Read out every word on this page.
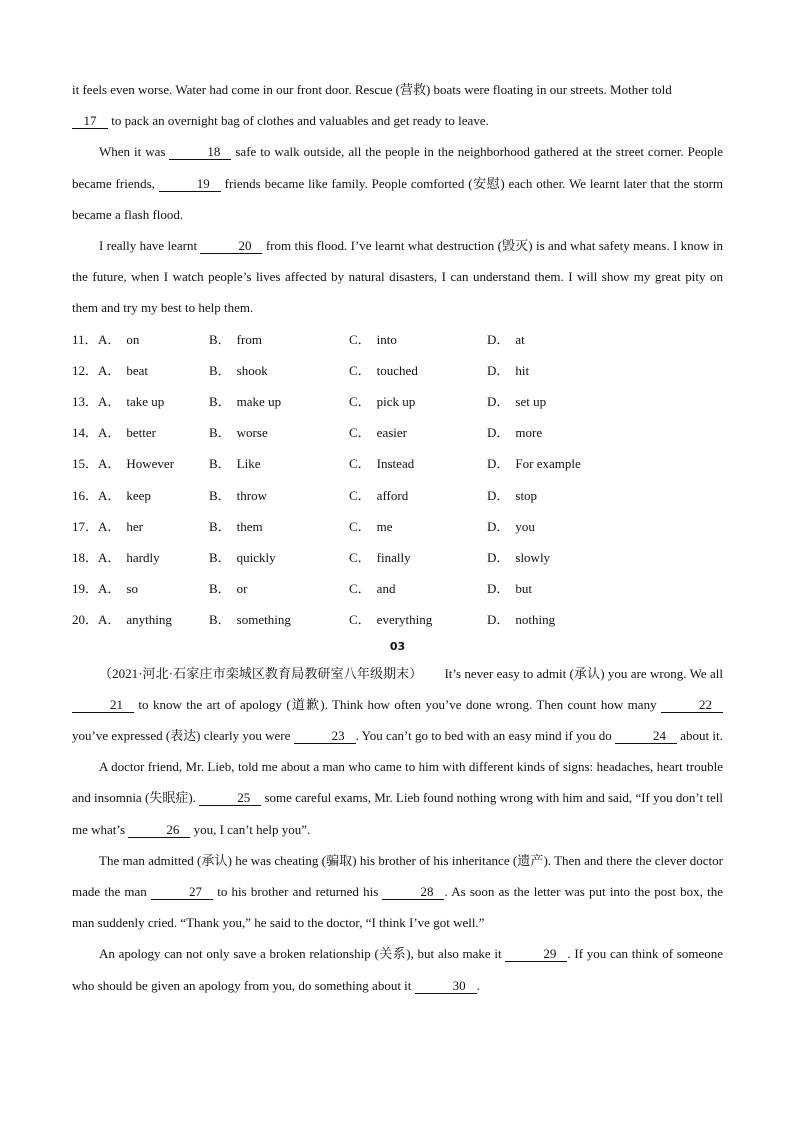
it feels even worse. Water had come in our front door. Rescue (营救) boats were floating in our streets. Mother told
17 to pack an overnight bag of clothes and valuables and get ready to leave.

When it was	18 safe to walk outside, all the people in the neighborhood gathered at the street corner. People became friends,	19 friends became like family. People comforted (安慰) each other. We learnt later that the storm became a flash flood.

I really have learnt	20 from this flood. I’ve learnt what destruction (毁灭) is and what safety means. I know in the future, when I watch people’s lives affected by natural disasters, I can understand them. I will show my great pity on them and try my best to help them.

11． A． on	B． from	C． into	D． at
12． A． beat	B． shook	C． touched	D． hit
13． A． take up	B． make up	C． pick up	D． set up
14． A． better	B． worse	C． easier	D． more
15． A． However	B． Like	C． Instead	D． For example
16． A． keep	B． throw	C． afford	D． stop
17． A． her	B． them	C． me	D． you
18． A． hardly	B． quickly	C． finally	D． slowly
19． A． so	B． or	C． and	D． but
20． A． anything	B． something	C． everything	D． nothing
03

（2021·河北·石家庄市栾城区教育局教研室八年级期末） It’s never easy to admit (承认) you are wrong. We all 21 to know the art of apology (道歉). Think how often you’ve done wrong. Then count how many	22 you’ve expressed (表达) clearly you were	23 . You can’t go to bed with an easy mind if you do	24 about it.

A doctor friend, Mr. Lieb, told me about a man who came to him with different kinds of signs: headaches, heart trouble and insomnia (失眠症).	25 some careful exams, Mr. Lieb found nothing wrong with him and said, “If you don’t tell me what’s	26 you, I can’t help you”.

The man admitted (承认) he was cheating (骗取) his brother of his inheritance (遗产). Then and there the clever doctor made the man	27 to his brother and returned his	28 . As soon as the letter was put into the post box, the man suddenly cried. “Thank you,” he said to the doctor, “I think I’ve got well.”

An apology can not only save a broken relationship (关系), but also make it	29 . If you can think of someone who should be given an apology from you, do something about it	30 .
